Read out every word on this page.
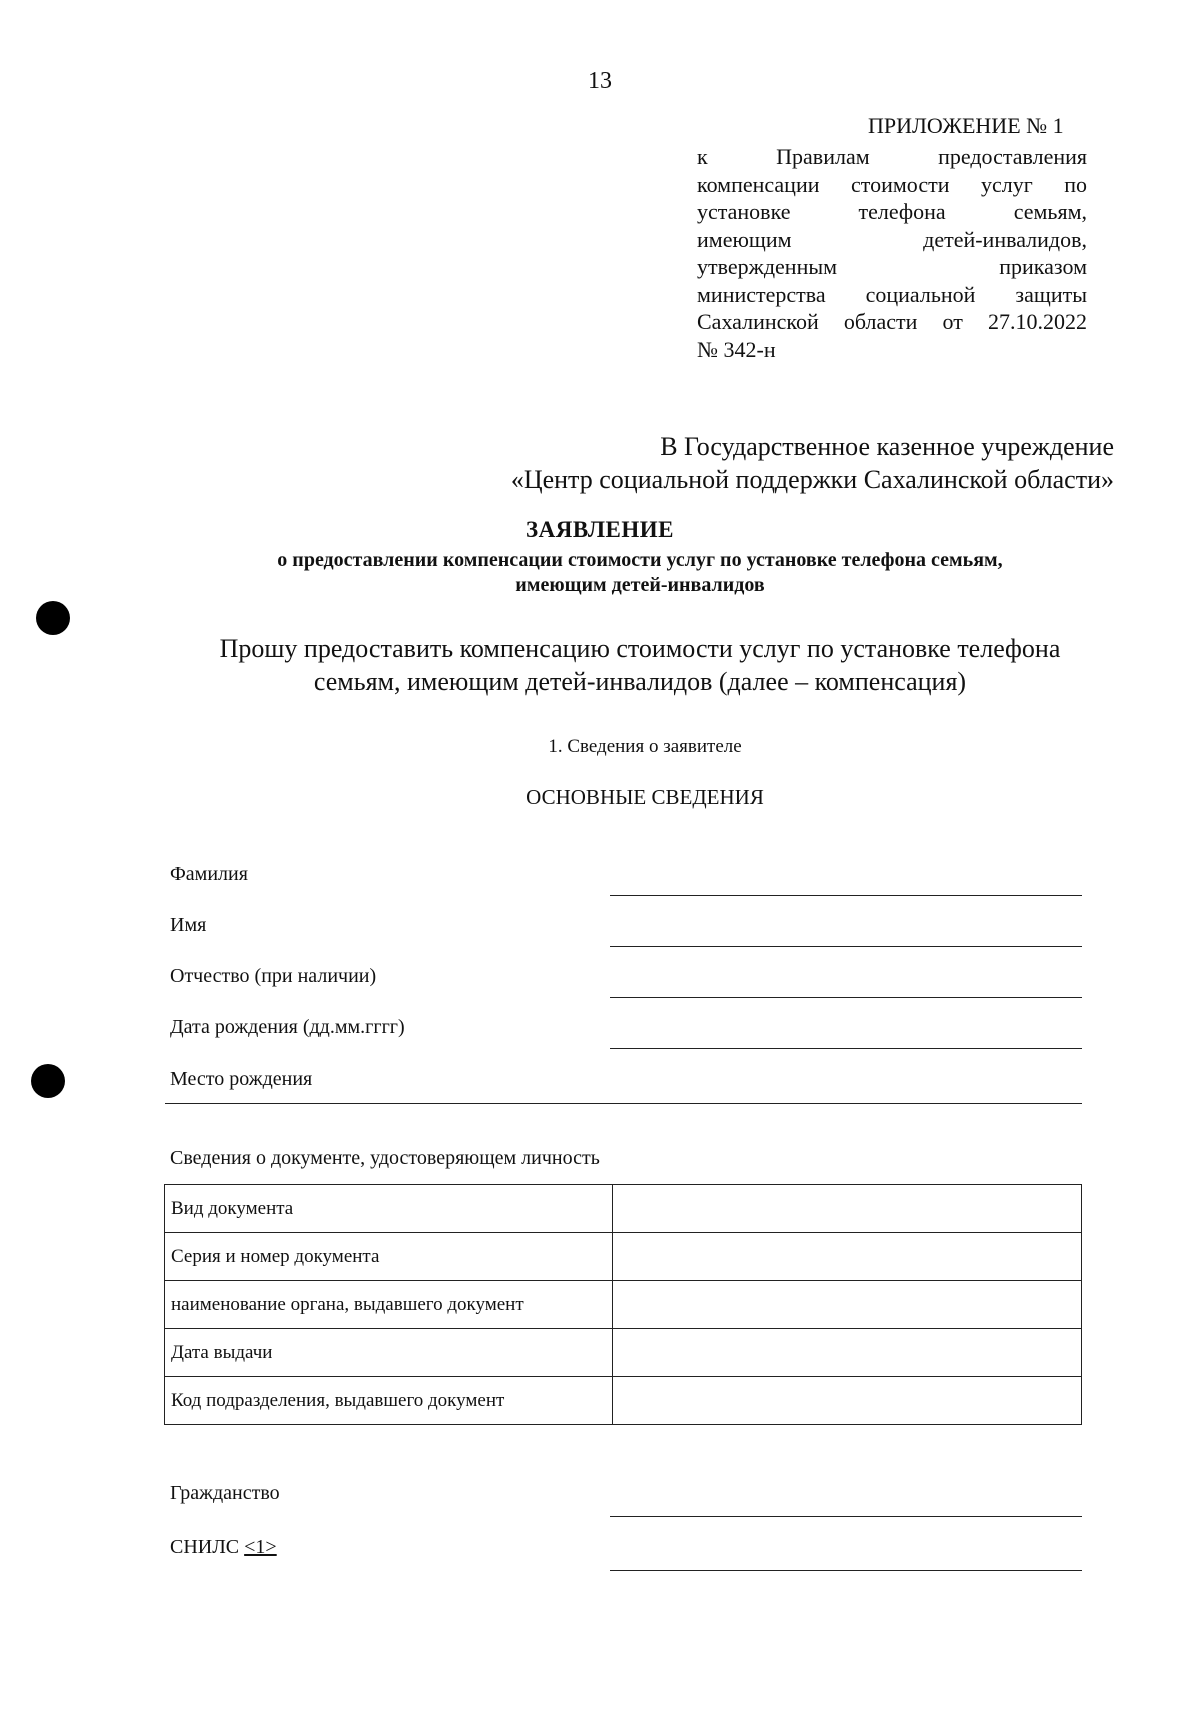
13
ПРИЛОЖЕНИЕ № 1
к Правилам предоставления
компенсации стоимости услуг по
установке телефона семьям,
имеющим детей-инвалидов,
утвержденным приказом
министерства социальной защиты
Сахалинской области от 27.10.2022
№ 342-н
В Государственное казенное учреждение
«Центр социальной поддержки Сахалинской области»
ЗАЯВЛЕНИЕ
о предоставлении компенсации стоимости услуг по установке телефона семьям,
имеющим детей-инвалидов
Прошу предоставить компенсацию стоимости услуг по установке телефона
семьям, имеющим детей-инвалидов (далее – компенсация)
1. Сведения о заявителе
ОСНОВНЫЕ СВЕДЕНИЯ
Фамилия
Имя
Отчество (при наличии)
Дата рождения (дд.мм.гггг)
Место рождения
Сведения о документе, удостоверяющем личность
Вид документа	
Серия и номер документа	
наименование органа, выдавшего документ	
Дата выдачи	
Код подразделения, выдавшего документ	
Гражданство
СНИЛС <1>
